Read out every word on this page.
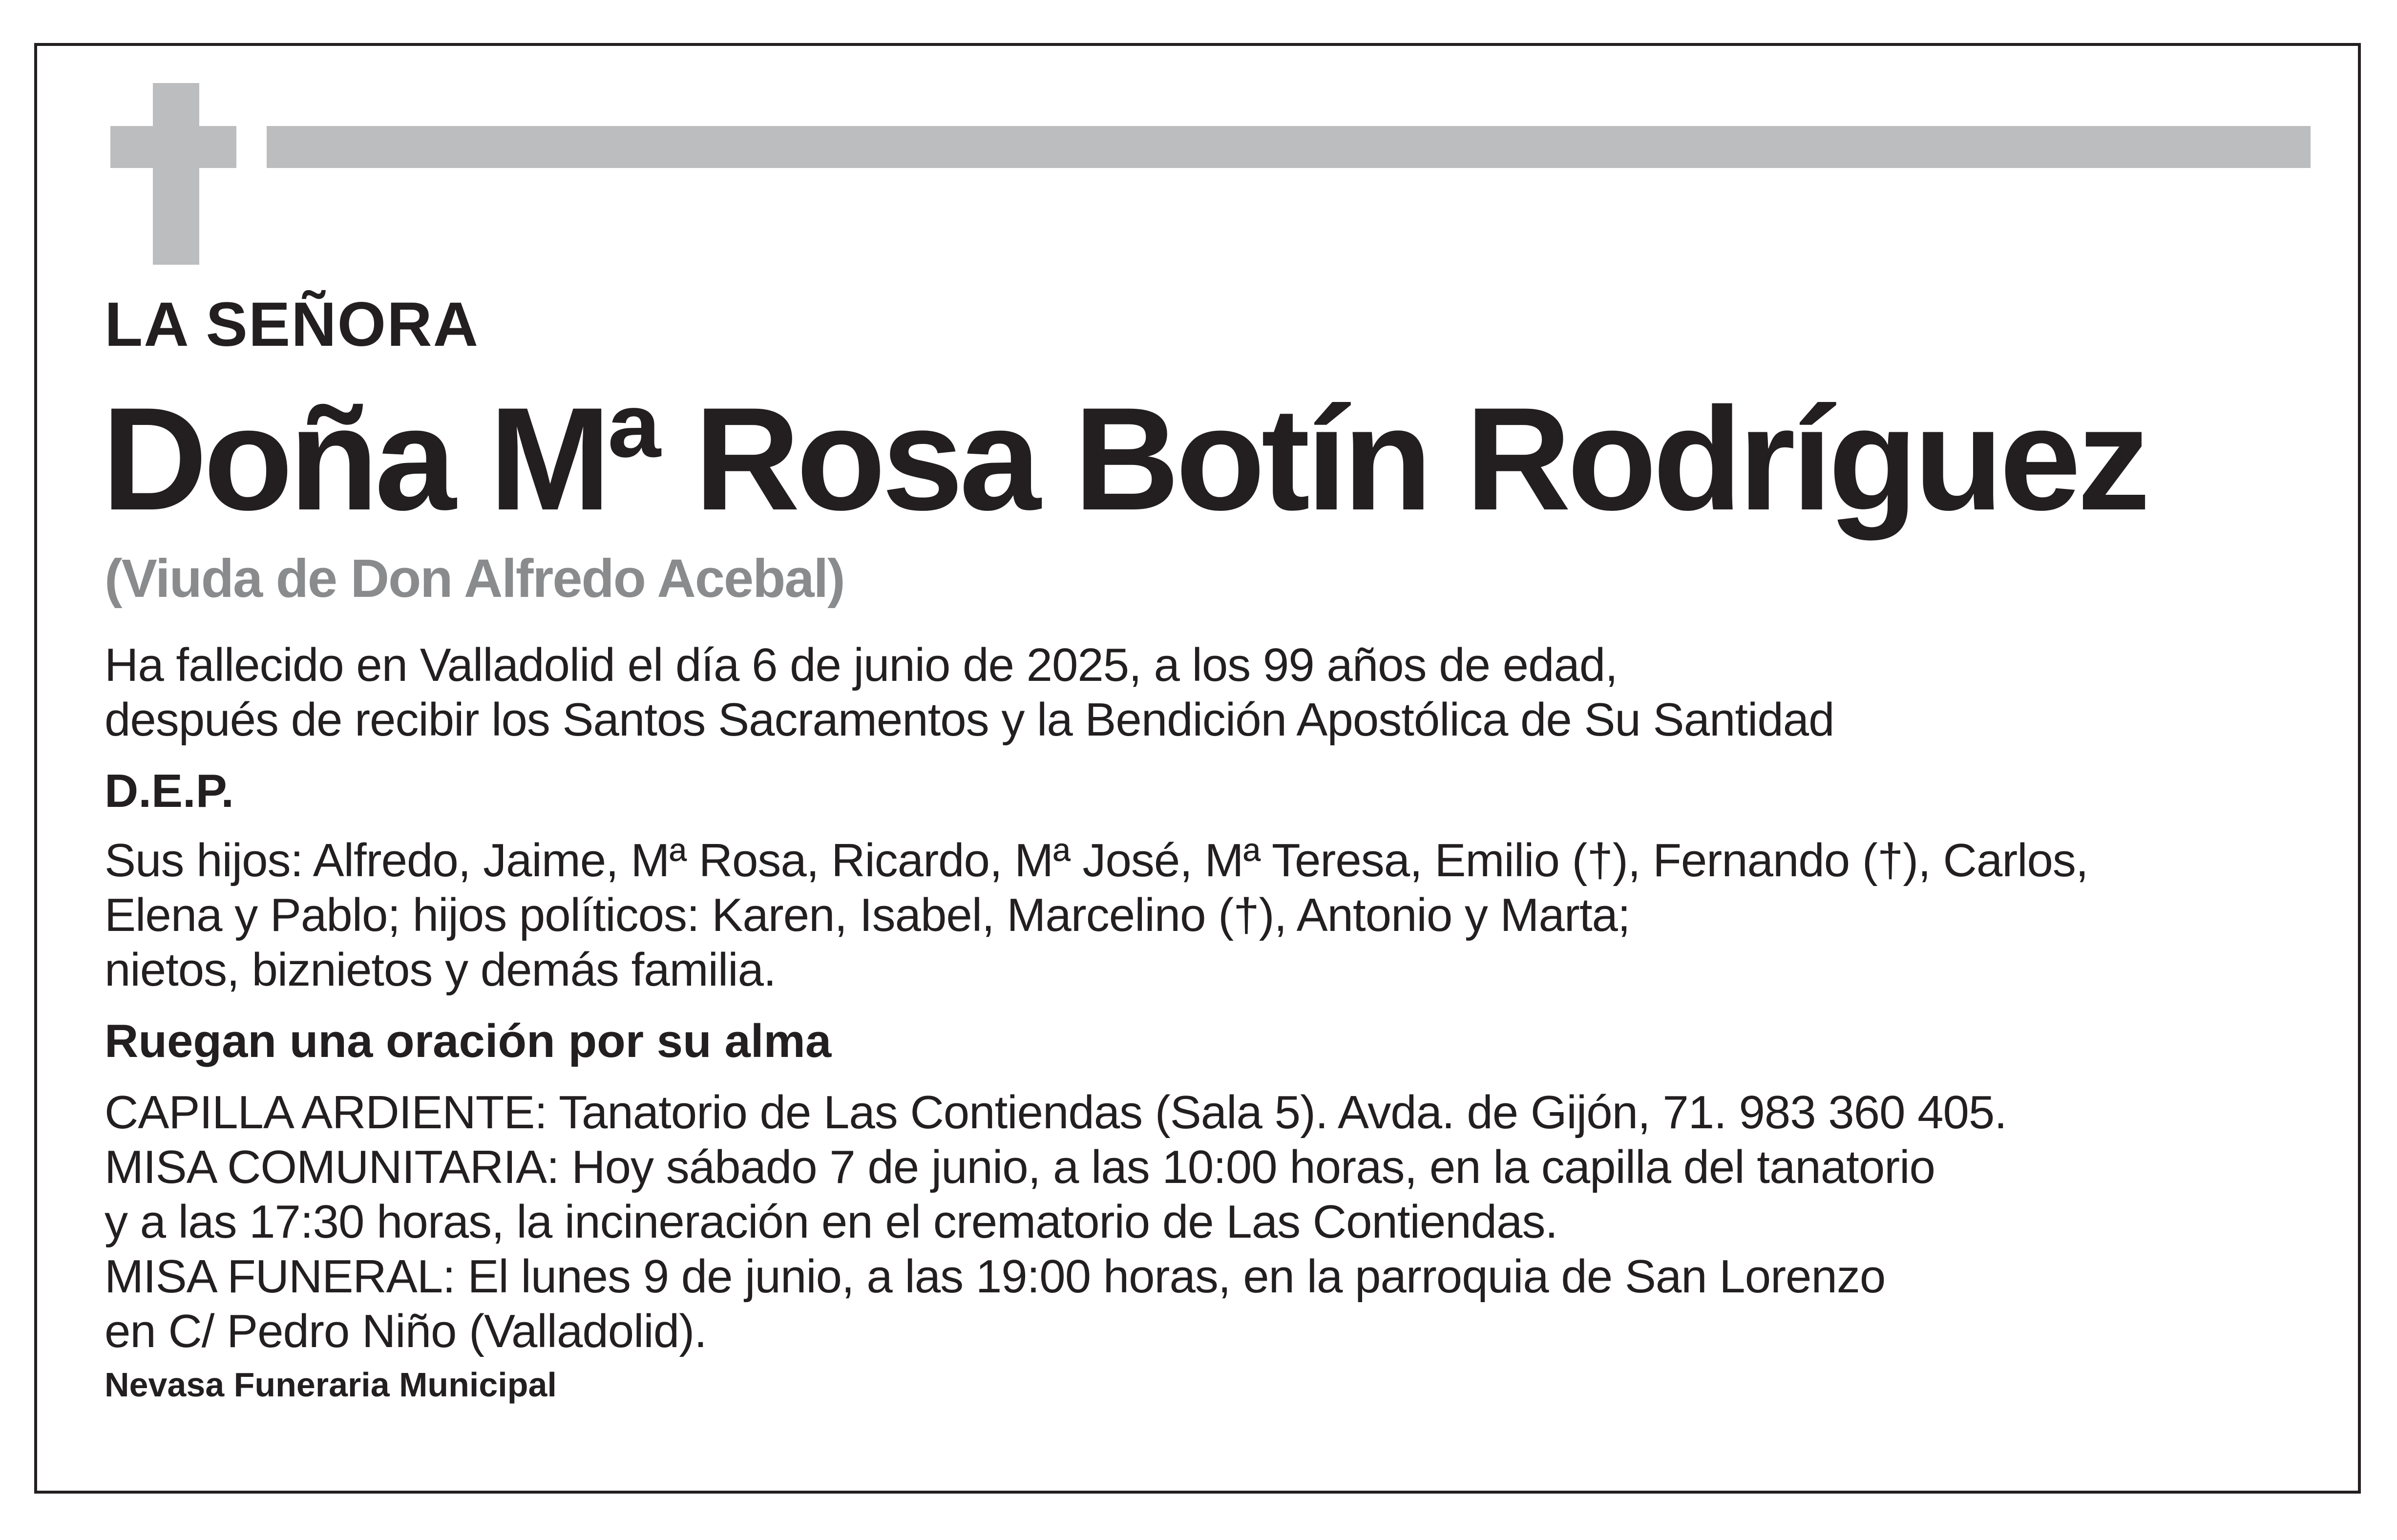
LA SEÑORA

Doña Mª Rosa Botín Rodríguez

(Viuda de Don Alfredo Acebal)

Ha fallecido en Valladolid el día 6 de junio de 2025, a los 99 años de edad,

después de recibir los Santos Sacramentos y la Bendición Apostólica de Su Santidad

D.E.P.

Sus hijos: Alfredo, Jaime, Mª Rosa, Ricardo, Mª José, Mª Teresa, Emilio (†), Fernando (†), Carlos,

Elena y Pablo; hijos políticos: Karen, Isabel, Marcelino (†), Antonio y Marta;

nietos, biznietos y demás familia.

Ruegan una oración por su alma

CAPILLA ARDIENTE: Tanatorio de Las Contiendas (Sala 5). Avda. de Gijón, 71. 983 360 405.

MISA COMUNITARIA: Hoy sábado 7 de junio, a las 10:00 horas, en la capilla del tanatorio

y a las 17:30 horas, la incineración en el crematorio de Las Contiendas.

MISA FUNERAL: El lunes 9 de junio, a las 19:00 horas, en la parroquia de San Lorenzo

en C/ Pedro Niño (Valladolid).

Nevasa Funeraria Municipal
